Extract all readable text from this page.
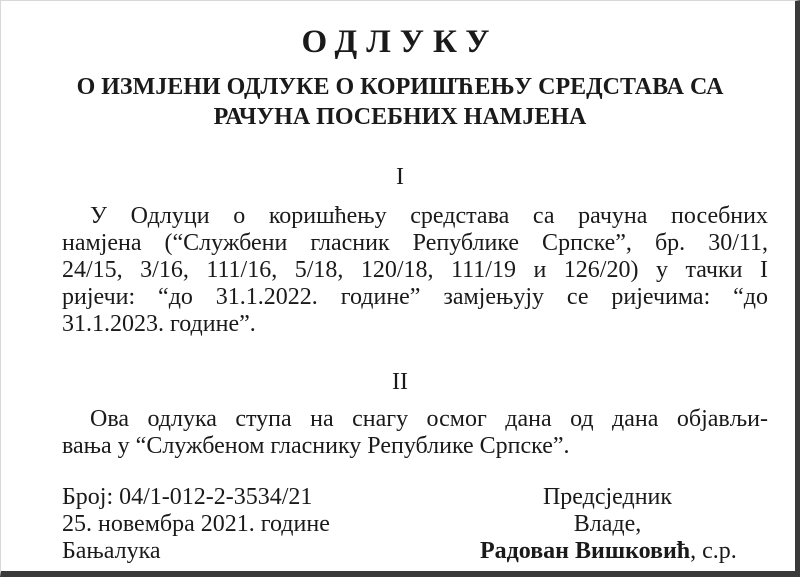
ОДЛУКУ
О ИЗМЈЕНИ ОДЛУКЕ О КОРИШЋЕЊУ СРЕДСТАВА СА
РАЧУНА ПОСЕБНИХ НАМЈЕНА
I
У Одлуци о коришћењу средстава са рачуна посебних
намјена (“Службени гласник Републике Српске”, бр. 30/11,
24/15, 3/16, 111/16, 5/18, 120/18, 111/19 и 126/20) у тачки I
ријечи: “до 31.1.2022. године” замјењују се ријечима: “до
31.1.2023. године”.
II
Ова одлука ступа на снагу осмог дана од дана објављи-
вања у “Службеном гласнику Републике Српске”.
Број: 04/1-012-2-3534/21
25. новембра 2021. године
Бањалука
Предсједник
Владе,
Радован Вишковић, с.р.
